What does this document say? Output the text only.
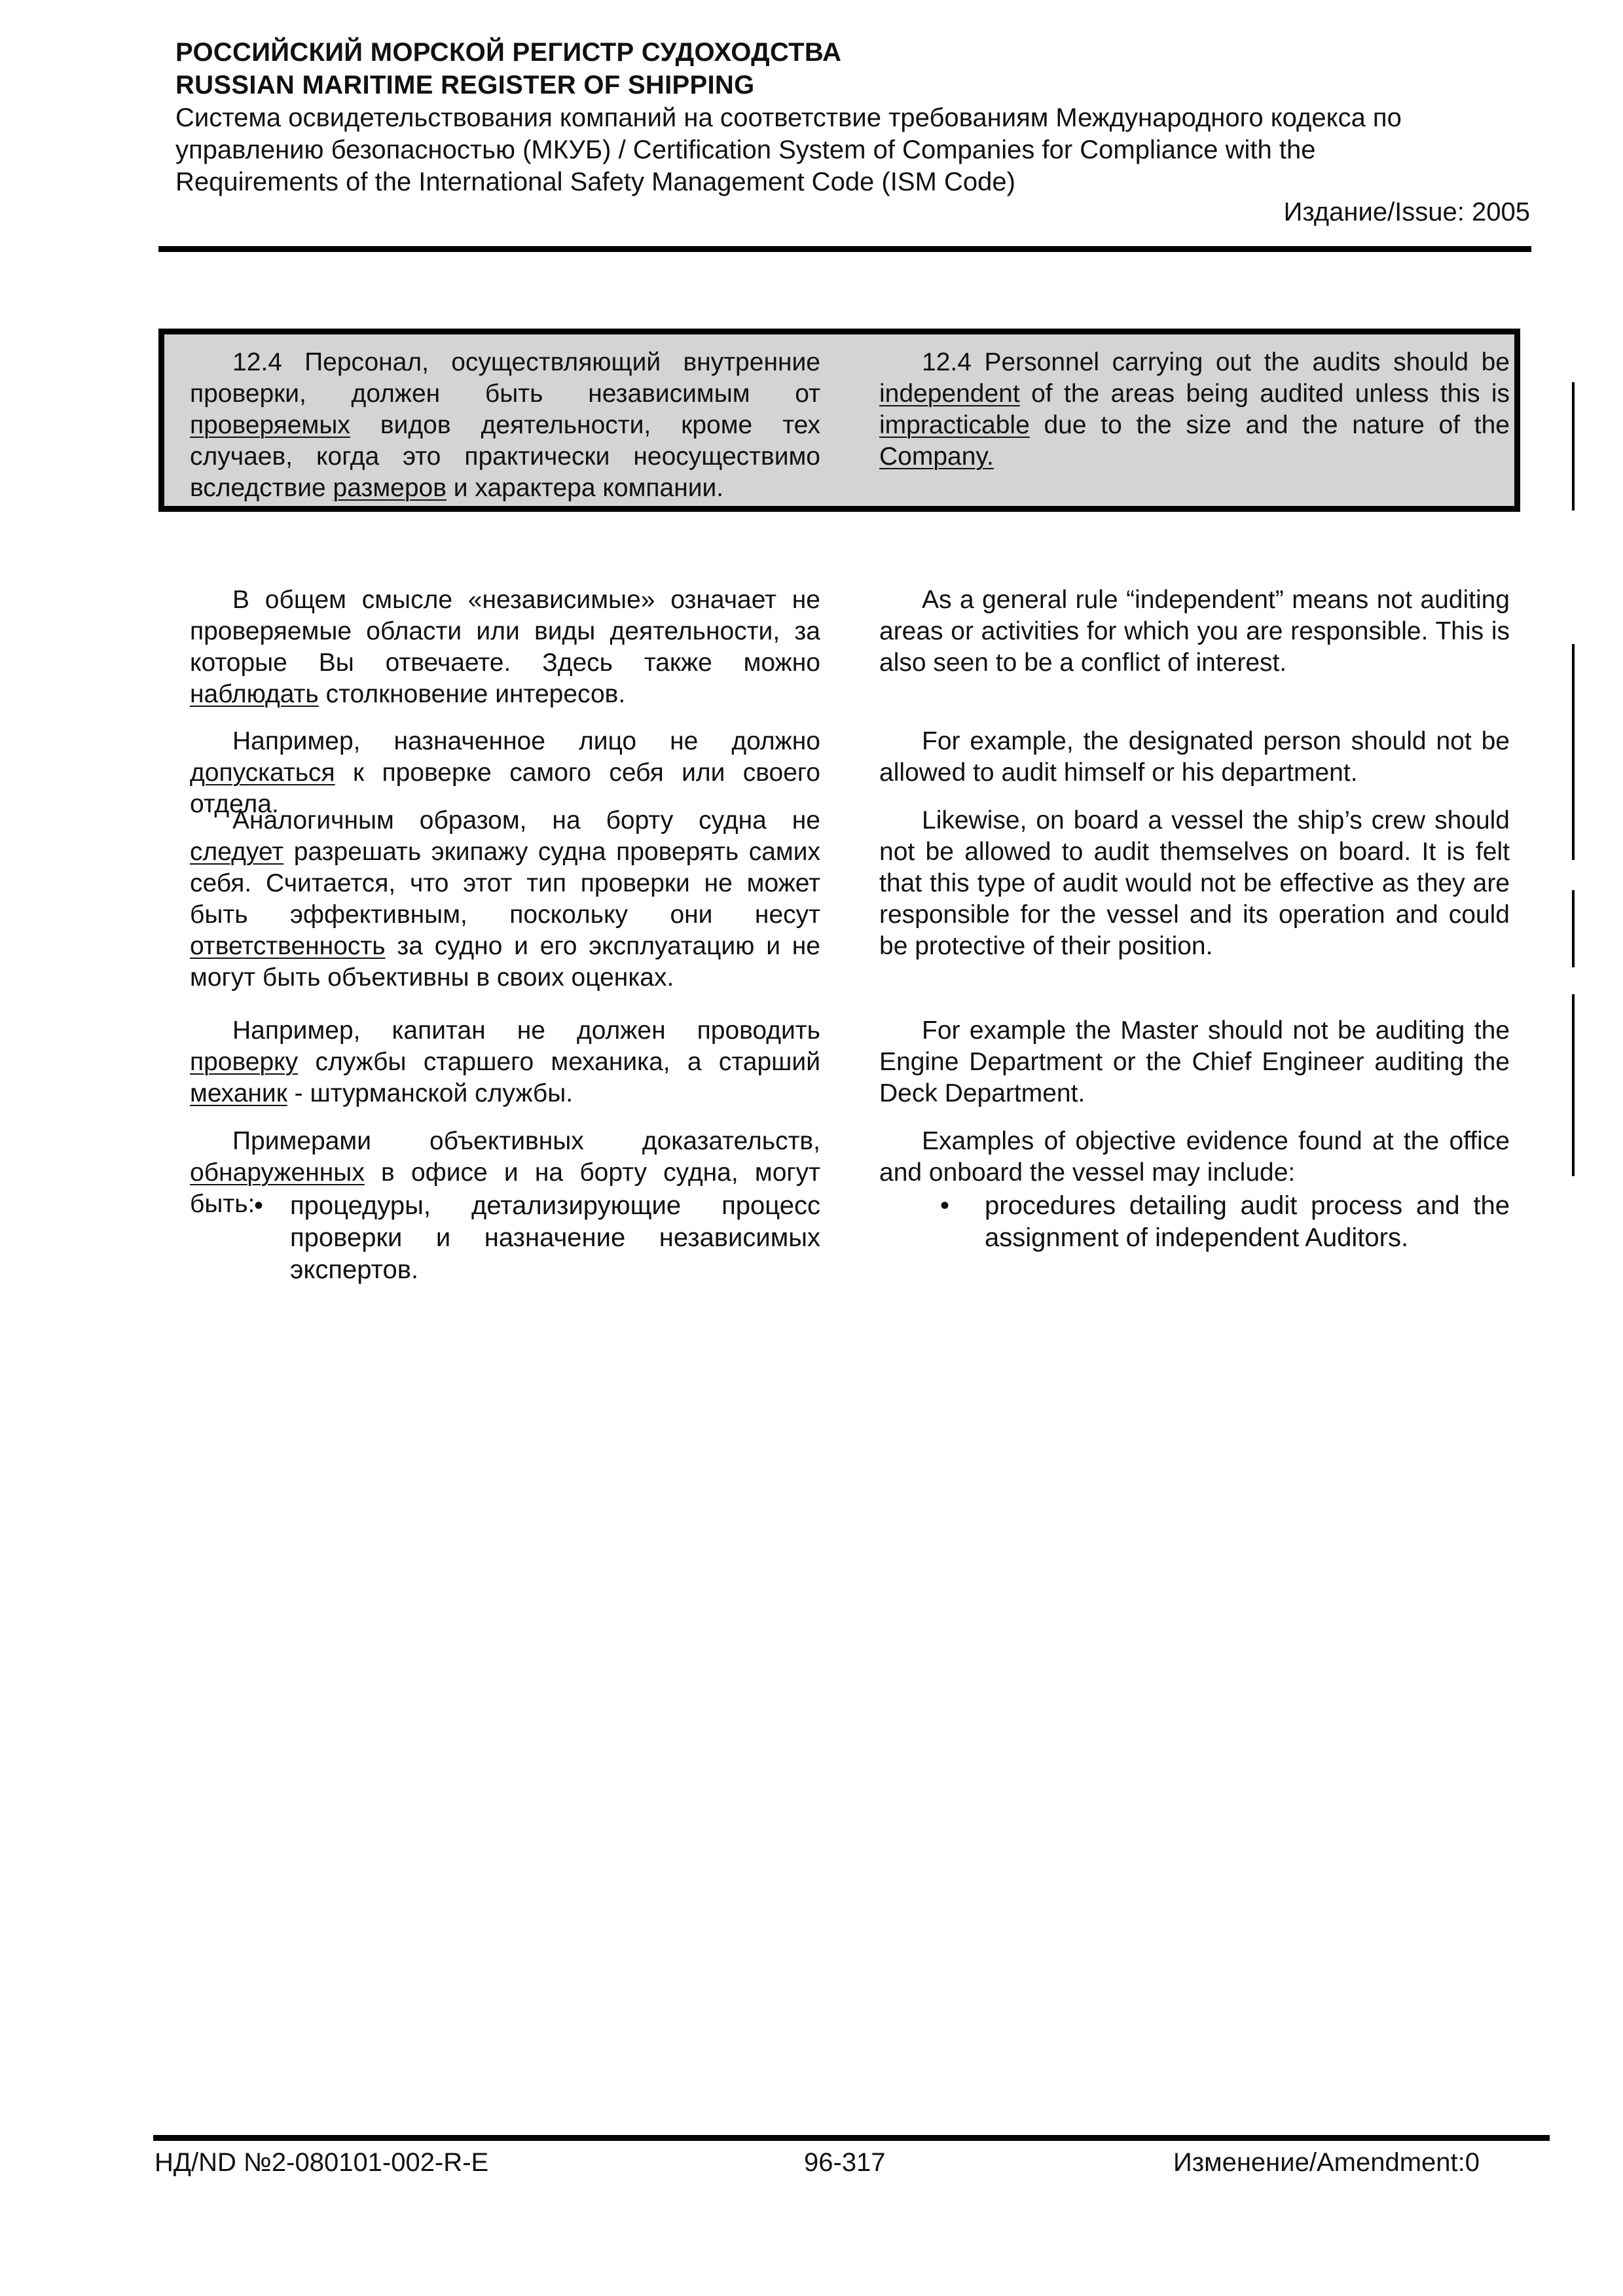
РОССИЙСКИЙ МОРСКОЙ РЕГИСТР СУДОХОДСТВА
RUSSIAN MARITIME REGISTER OF SHIPPING
Система освидетельствования компаний на соответствие требованиям Международного кодекса по управлению безопасностью (МКУБ) / Certification System of Companies for Compliance with the Requirements of the International Safety Management Code (ISM Code)
Издание/Issue: 2005
12.4 Персонал, осуществляющий внутренние проверки, должен быть независимым от проверяемых видов деятельности, кроме тех случаев, когда это практически неосуществимо вследствие размеров и характера компании.
12.4 Personnel carrying out the audits should be independent of the areas being audited unless this is impracticable due to the size and the nature of the Company.
В общем смысле «независимые» означает не проверяемые области или виды деятельности, за которые Вы отвечаете. Здесь также можно наблюдать столкновение интересов.
Например, назначенное лицо не должно допускаться к проверке самого себя или своего отдела.
Аналогичным образом, на борту судна не следует разрешать экипажу судна проверять самих себя. Считается, что этот тип проверки не может быть эффективным, поскольку они несут ответственность за судно и его эксплуатацию и не могут быть объективны в своих оценках.
Например, капитан не должен проводить проверку службы старшего механика, а старший механик - штурманской службы.
Примерами объективных доказательств, обнаруженных в офисе и на борту судна, могут быть:
• процедуры, детализирующие процесс проверки и назначение независимых экспертов.
As a general rule “independent” means not auditing areas or activities for which you are responsible. This is also seen to be a conflict of interest.
For example, the designated person should not be allowed to audit himself or his department.
Likewise, on board a vessel the ship’s crew should not be allowed to audit themselves on board. It is felt that this type of audit would not be effective as they are responsible for the vessel and its operation and could be protective of their position.
For example the Master should not be auditing the Engine Department or the Chief Engineer auditing the Deck Department.
Examples of objective evidence found at the office and onboard the vessel may include:
• procedures detailing audit process and the assignment of independent Auditors.
НД/ND №2-080101-002-R-E	96-317	Изменение/Amendment:0
